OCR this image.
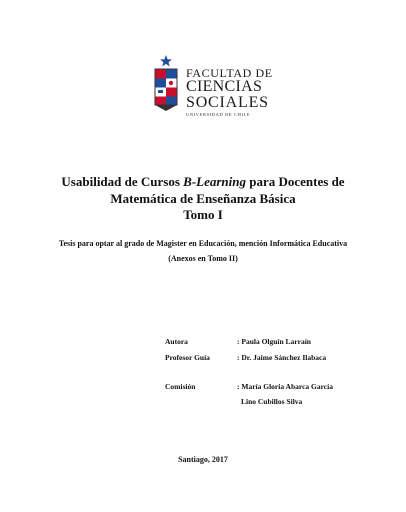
FACULTAD DE
CIENCIAS
SOCIALES
UNIVERSIDAD DE CHILE
Usabilidad de Cursos B-Learning para Docentes de
Matemática de Enseñanza Básica
Tomo I
Tesis para optar al grado de Magister en Educación, mención Informática Educativa
(Anexos en Tomo II)
Autora	: Paula Olguín Larraín
Profesor Guía	: Dr. Jaime Sánchez Ilabaca
Comisión	: María Gloria Abarca García
Lino Cubillos Silva
Santiago, 2017
